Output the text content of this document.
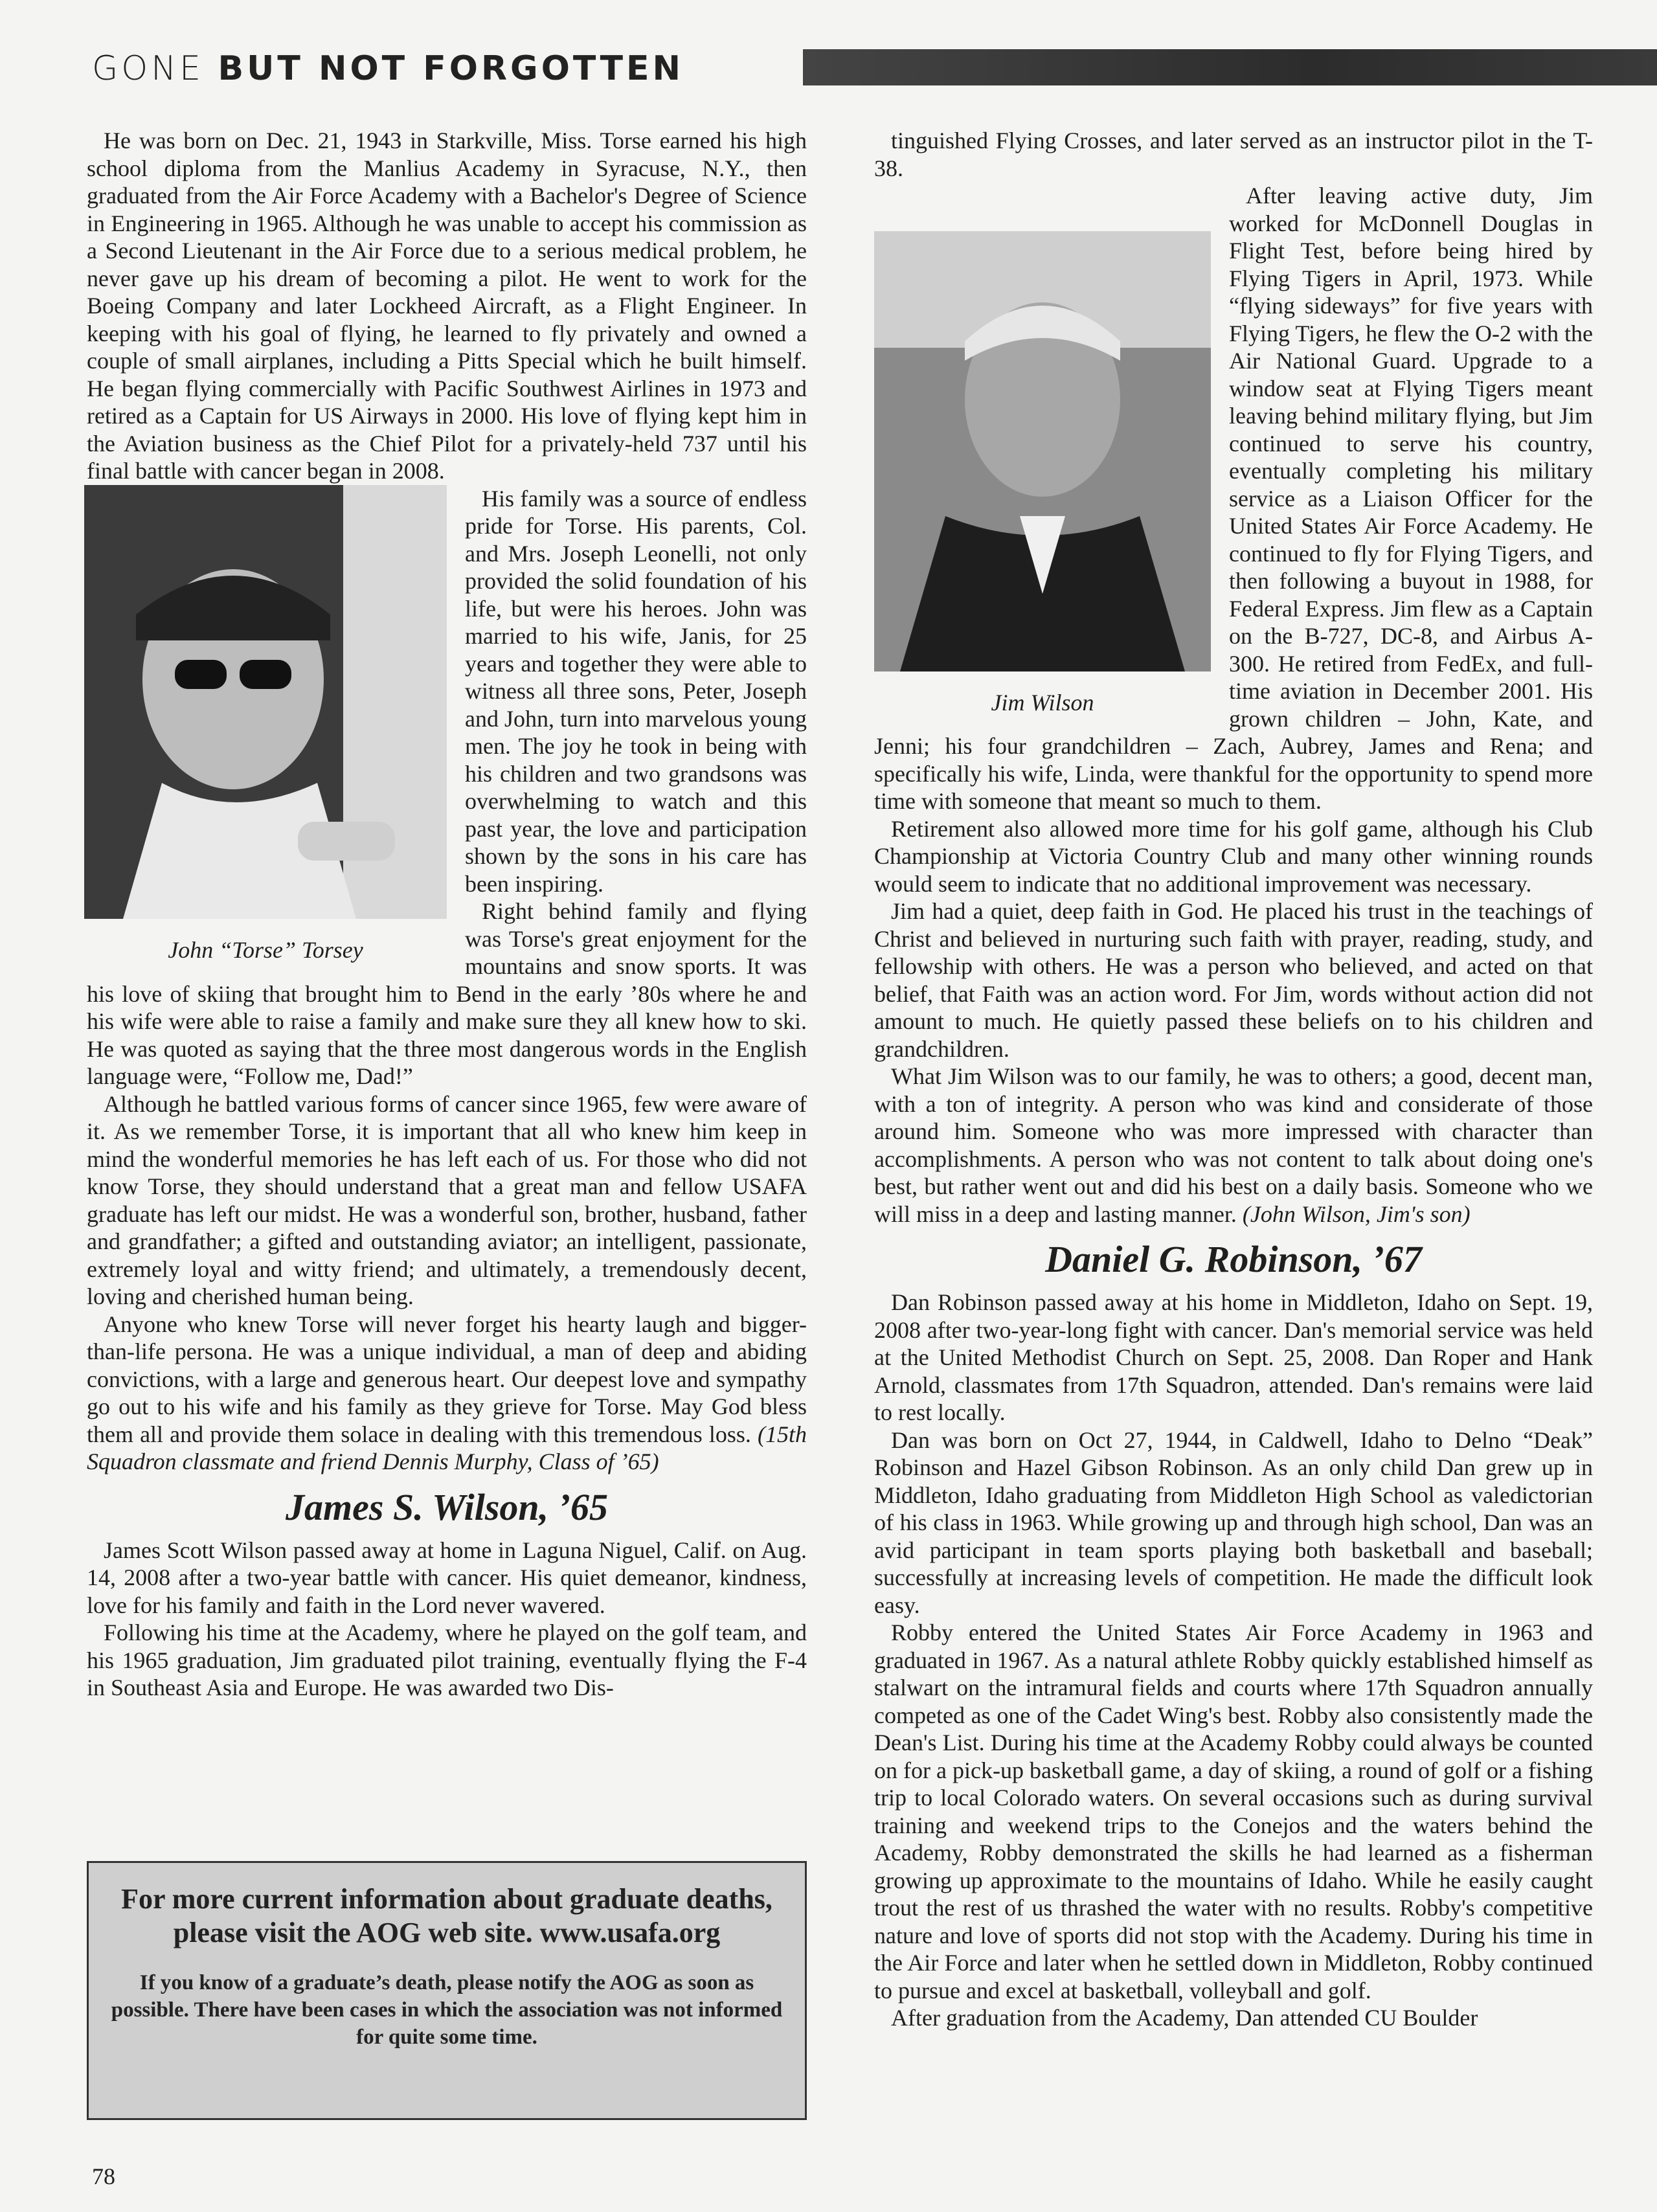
GONE BUT NOT FORGOTTEN

He was born on Dec. 21, 1943 in Starkville, Miss. Torse earned his high school diploma from the Manlius Academy in Syracuse, N.Y., then graduated from the Air Force Academy with a Bachelor's Degree of Science in Engineering in 1965. Although he was unable to accept his commission as a Second Lieutenant in the Air Force due to a serious medical problem, he never gave up his dream of becoming a pilot. He went to work for the Boeing Company and later Lockheed Aircraft, as a Flight Engineer. In keeping with his goal of flying, he learned to fly privately and owned a couple of small airplanes, including a Pitts Special which he built himself. He began flying commercially with Pacific Southwest Airlines in 1973 and retired as a Captain for US Airways in 2000. His love of flying kept him in the Aviation business as the Chief Pilot for a privately-held 737 until his final battle with cancer began in 2008.

John “Torse” Torsey

His family was a source of endless pride for Torse. His parents, Col. and Mrs. Joseph Leonelli, not only provided the solid foundation of his life, but were his heroes. John was married to his wife, Janis, for 25 years and together they were able to witness all three sons, Peter, Joseph and John, turn into marvelous young men. The joy he took in being with his children and two grandsons was overwhelming to watch and this past year, the love and participation shown by the sons in his care has been inspiring.

Right behind family and flying was Torse's great enjoyment for the mountains and snow sports. It was his love of skiing that brought him to Bend in the early ’80s where he and his wife were able to raise a family and make sure they all knew how to ski. He was quoted as saying that the three most dangerous words in the English language were, “Follow me, Dad!”

Although he battled various forms of cancer since 1965, few were aware of it. As we remember Torse, it is important that all who knew him keep in mind the wonderful memories he has left each of us. For those who did not know Torse, they should understand that a great man and fellow USAFA graduate has left our midst. He was a wonderful son, brother, husband, father and grandfather; a gifted and outstanding aviator; an intelligent, passionate, extremely loyal and witty friend; and ultimately, a tremendously decent, loving and cherished human being.

Anyone who knew Torse will never forget his hearty laugh and bigger-than-life persona. He was a unique individual, a man of deep and abiding convictions, with a large and generous heart. Our deepest love and sympathy go out to his wife and his family as they grieve for Torse. May God bless them all and provide them solace in dealing with this tremendous loss. (15th Squadron classmate and friend Dennis Murphy, Class of ’65)

James S. Wilson, ’65

James Scott Wilson passed away at home in Laguna Niguel, Calif. on Aug. 14, 2008 after a two-year battle with cancer. His quiet demeanor, kindness, love for his family and faith in the Lord never wavered.

Following his time at the Academy, where he played on the golf team, and his 1965 graduation, Jim graduated pilot training, eventually flying the F-4 in Southeast Asia and Europe. He was awarded two Dis-

For more current information about graduate deaths, please visit the AOG web site. www.usafa.org
If you know of a graduate’s death, please notify the AOG as soon as possible. There have been cases in which the association was not informed for quite some time.

tinguished Flying Crosses, and later served as an instructor pilot in the T-38.

Jim Wilson

After leaving active duty, Jim worked for McDonnell Douglas in Flight Test, before being hired by Flying Tigers in April, 1973. While “flying sideways” for five years with Flying Tigers, he flew the O-2 with the Air National Guard. Upgrade to a window seat at Flying Tigers meant leaving behind military flying, but Jim continued to serve his country, eventually completing his military service as a Liaison Officer for the United States Air Force Academy. He continued to fly for Flying Tigers, and then following a buyout in 1988, for Federal Express. Jim flew as a Captain on the B-727, DC-8, and Airbus A-300. He retired from FedEx, and full-time aviation in December 2001. His grown children – John, Kate, and Jenni; his four grandchildren – Zach, Aubrey, James and Rena; and specifically his wife, Linda, were thankful for the opportunity to spend more time with someone that meant so much to them.

Retirement also allowed more time for his golf game, although his Club Championship at Victoria Country Club and many other winning rounds would seem to indicate that no additional improvement was necessary.

Jim had a quiet, deep faith in God. He placed his trust in the teachings of Christ and believed in nurturing such faith with prayer, reading, study, and fellowship with others. He was a person who believed, and acted on that belief, that Faith was an action word. For Jim, words without action did not amount to much. He quietly passed these beliefs on to his children and grandchildren.

What Jim Wilson was to our family, he was to others; a good, decent man, with a ton of integrity. A person who was kind and considerate of those around him. Someone who was more impressed with character than accomplishments. A person who was not content to talk about doing one's best, but rather went out and did his best on a daily basis. Someone who we will miss in a deep and lasting manner. (John Wilson, Jim's son)

Daniel G. Robinson, ’67

Dan Robinson passed away at his home in Middleton, Idaho on Sept. 19, 2008 after two-year-long fight with cancer. Dan's memorial service was held at the United Methodist Church on Sept. 25, 2008. Dan Roper and Hank Arnold, classmates from 17th Squadron, attended. Dan's remains were laid to rest locally.

Dan was born on Oct 27, 1944, in Caldwell, Idaho to Delno “Deak” Robinson and Hazel Gibson Robinson. As an only child Dan grew up in Middleton, Idaho graduating from Middleton High School as valedictorian of his class in 1963. While growing up and through high school, Dan was an avid participant in team sports playing both basketball and baseball; successfully at increasing levels of competition. He made the difficult look easy.

Robby entered the United States Air Force Academy in 1963 and graduated in 1967. As a natural athlete Robby quickly established himself as stalwart on the intramural fields and courts where 17th Squadron annually competed as one of the Cadet Wing's best. Robby also consistently made the Dean's List. During his time at the Academy Robby could always be counted on for a pick-up basketball game, a day of skiing, a round of golf or a fishing trip to local Colorado waters. On several occasions such as during survival training and weekend trips to the Conejos and the waters behind the Academy, Robby demonstrated the skills he had learned as a fisherman growing up approximate to the mountains of Idaho. While he easily caught trout the rest of us thrashed the water with no results. Robby's competitive nature and love of sports did not stop with the Academy. During his time in the Air Force and later when he settled down in Middleton, Robby continued to pursue and excel at basketball, volleyball and golf.

After graduation from the Academy, Dan attended CU Boulder

78
